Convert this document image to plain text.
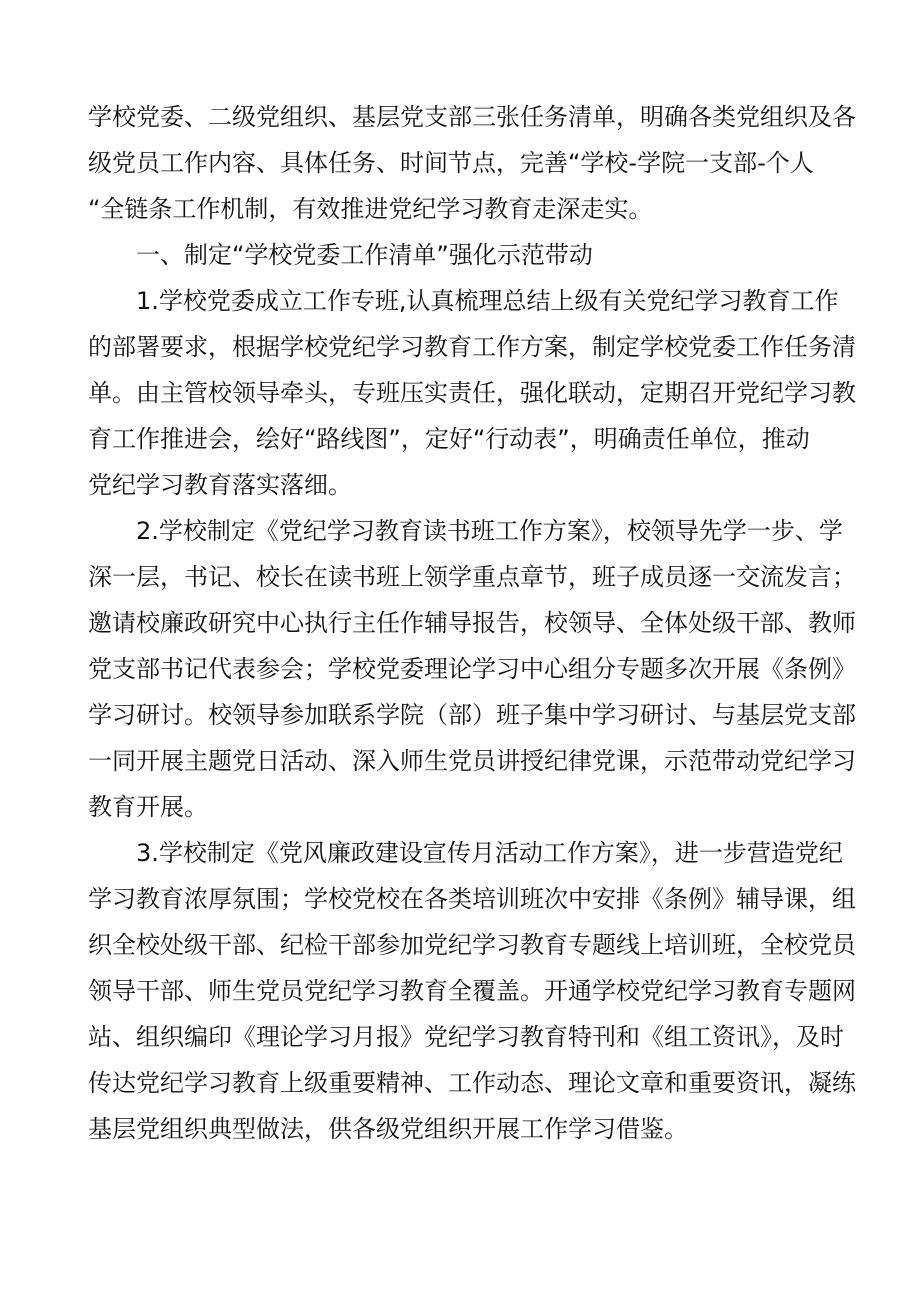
学校党委、二级党组织、基层党支部三张任务清单，明确各类党组织及各
级党员工作内容、具体任务、时间节点，完善“学校-学院一支部-个人
“全链条工作机制，有效推进党纪学习教育走深走实。
一、制定“学校党委工作清单”强化示范带动
1.学校党委成立工作专班,认真梳理总结上级有关党纪学习教育工作
的部署要求，根据学校党纪学习教育工作方案，制定学校党委工作任务清
单。由主管校领导牵头，专班压实责任，强化联动，定期召开党纪学习教
育工作推进会，绘好“路线图”，定好“行动表”，明确责任单位，推动
党纪学习教育落实落细。
2.学校制定《党纪学习教育读书班工作方案》，校领导先学一步、学
深一层，书记、校长在读书班上领学重点章节，班子成员逐一交流发言；
邀请校廉政研究中心执行主任作辅导报告，校领导、全体处级干部、教师
党支部书记代表参会；学校党委理论学习中心组分专题多次开展《条例》
学习研讨。校领导参加联系学院（部）班子集中学习研讨、与基层党支部
一同开展主题党日活动、深入师生党员讲授纪律党课，示范带动党纪学习
教育开展。
3.学校制定《党风廉政建设宣传月活动工作方案》，进一步营造党纪
学习教育浓厚氛围；学校党校在各类培训班次中安排《条例》辅导课，组
织全校处级干部、纪检干部参加党纪学习教育专题线上培训班，全校党员
领导干部、师生党员党纪学习教育全覆盖。开通学校党纪学习教育专题网
站、组织编印《理论学习月报》党纪学习教育特刊和《组工资讯》，及时
传达党纪学习教育上级重要精神、工作动态、理论文章和重要资讯，凝练
基层党组织典型做法，供各级党组织开展工作学习借鉴。
